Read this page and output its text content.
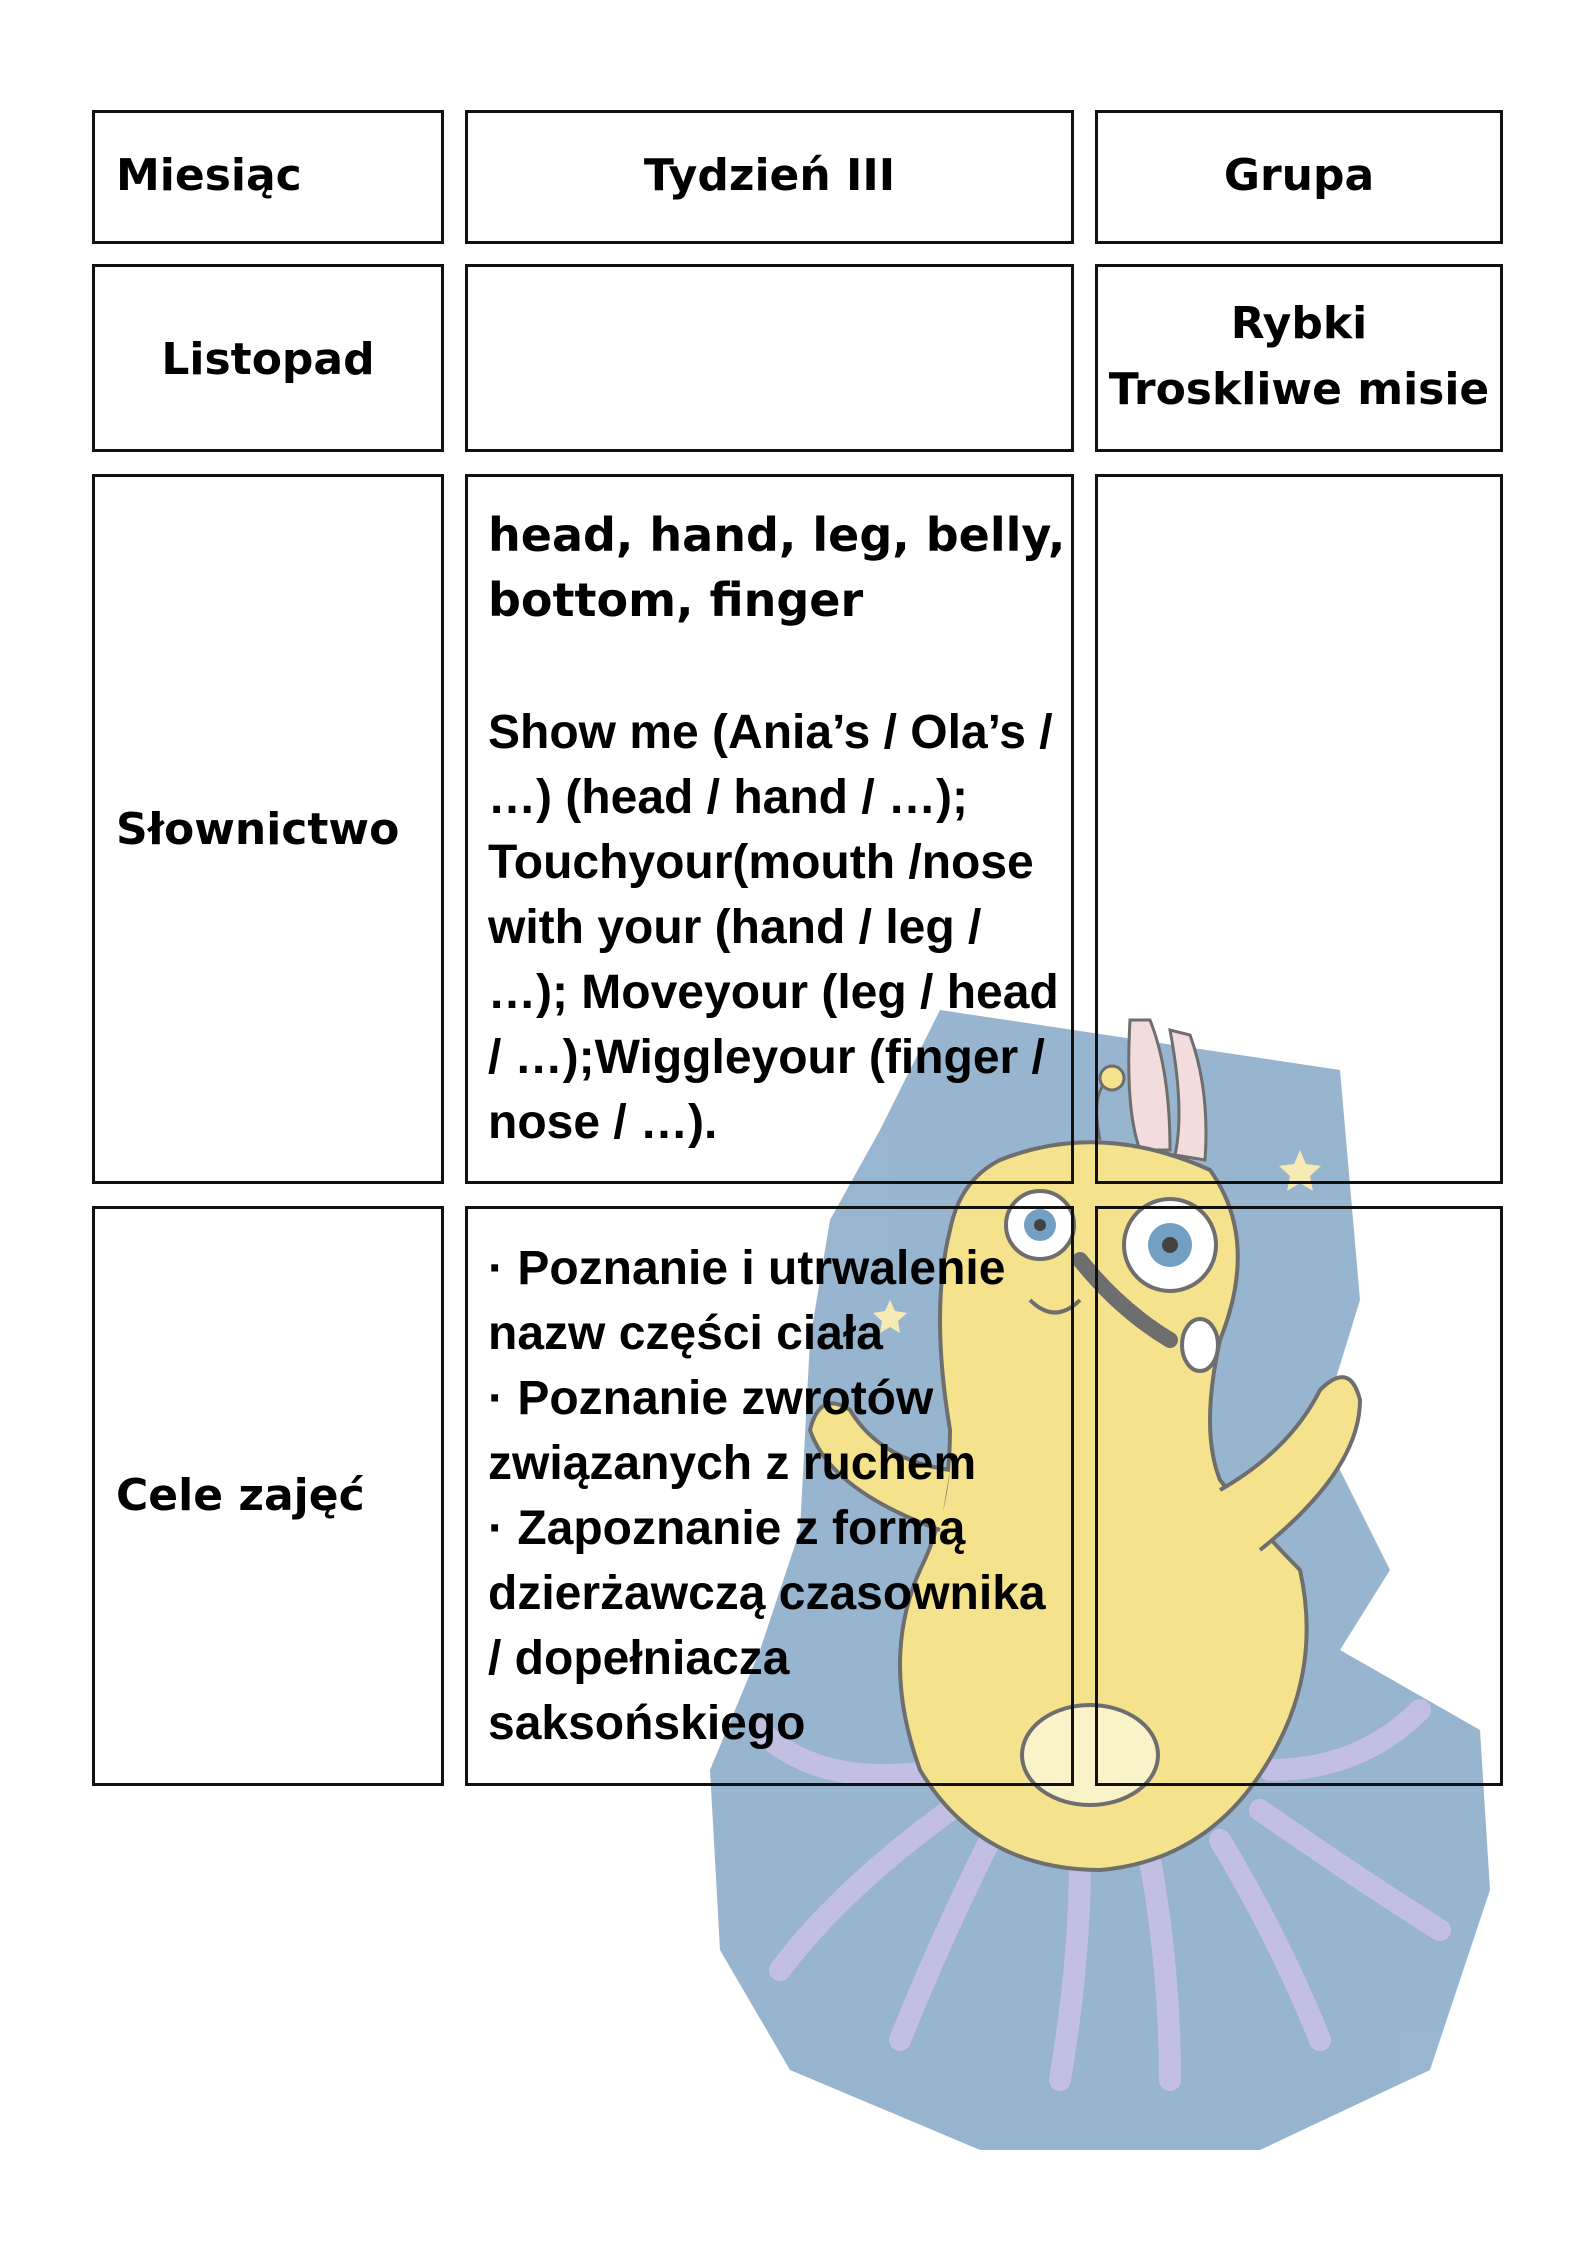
Miesiąc	Tydzień III	Grupa
Listopad
Rybki
Troskliwe misie
Słownictwo
head, hand, leg, belly,
bottom, finger
Show me (Ania’s / Ola’s /
…) (head / hand / …);
Touchyour(mouth /nose
with your (hand / leg /
…); Moveyour (leg / head
/ …);Wiggleyour (finger /
nose / …).
Cele zajęć
· Poznanie i utrwalenie
nazw części ciała
· Poznanie zwrotów
związanych z ruchem
· Zapoznanie z formą
dzierżawczą czasownika
/ dopełniacza
saksońskiego
